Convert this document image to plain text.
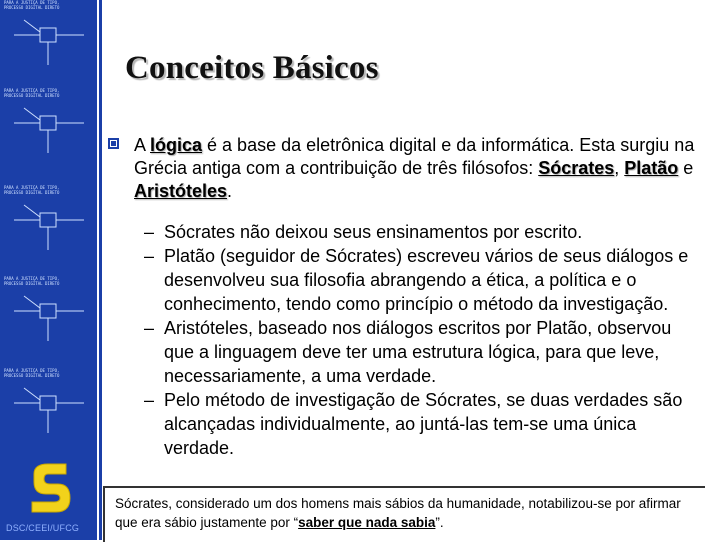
PARA A JUSTIÇA DE TIPO, PROCESSO DIGITAL DIRETO
PARA A JUSTIÇA DE TIPO, PROCESSO DIGITAL DIRETO
PARA A JUSTIÇA DE TIPO, PROCESSO DIGITAL DIRETO
PARA A JUSTIÇA DE TIPO, PROCESSO DIGITAL DIRETO
PARA A JUSTIÇA DE TIPO, PROCESSO DIGITAL DIRETO
DSC/CEEI/UFCG
Conceitos Básicos
A lógica é a base da eletrônica digital e da informática. Esta surgiu na Grécia antiga com a contribuição de três filósofos: Sócrates, Platão e Aristóteles.
– Sócrates não deixou seus ensinamentos por escrito.
– Platão (seguidor de Sócrates) escreveu vários de seus diálogos e desenvolveu sua filosofia abrangendo a ética, a política e o conhecimento, tendo como princípio o método da investigação.
– Aristóteles, baseado nos diálogos escritos por Platão, observou que a linguagem deve ter uma estrutura lógica, para que leve, necessariamente, a uma verdade.
– Pelo método de investigação de Sócrates, se duas verdades são alcançadas individualmente, ao juntá-las tem-se uma única verdade.

Sócrates, considerado um dos homens mais sábios da humanidade, notabilizou-se por afirmar que era sábio justamente por “saber que nada sabia”.
